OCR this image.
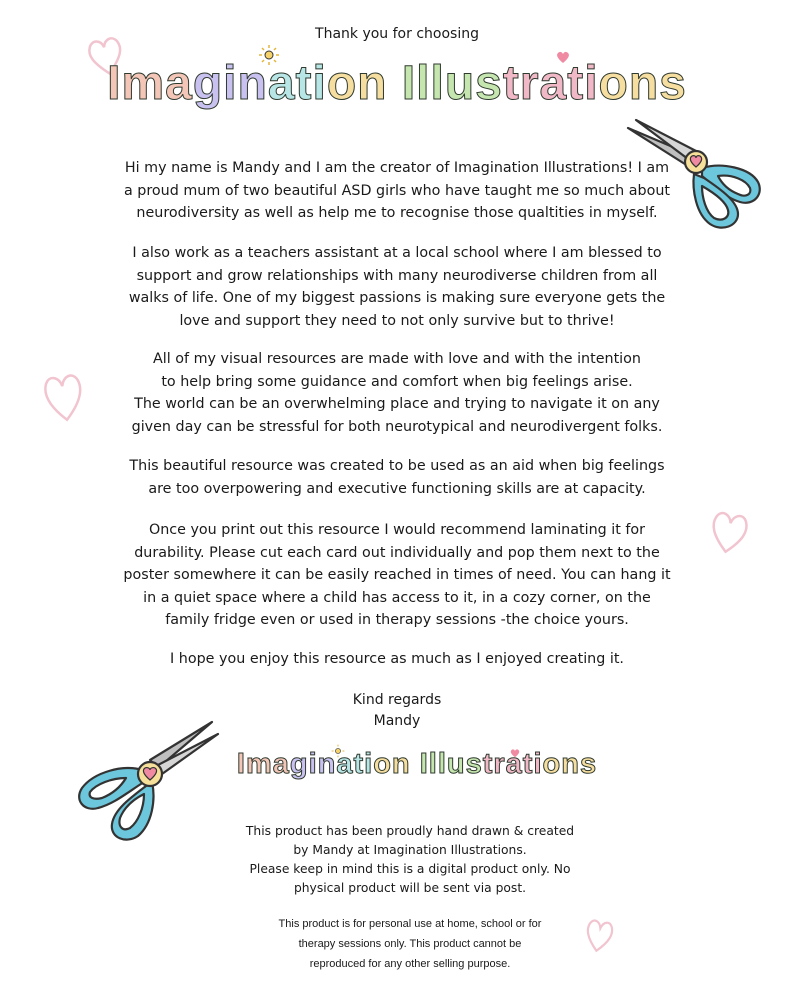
Thank you for choosing
Imagination Illustrations
Hi my name is Mandy and I am the creator of Imagination Illustrations! I am a proud mum of two beautiful ASD girls who have taught me so much about neurodiversity as well as help me to recognise those qualtities in myself.
I also work as a teachers assistant at a local school where I am blessed to support and grow relationships with many neurodiverse children from all walks of life. One of my biggest passions is making sure everyone gets the love and support they need to not only survive but to thrive!
All of my visual resources are made with love and with the intention to help bring some guidance and comfort when big feelings arise.
The world can be an overwhelming place and trying to navigate it on any given day can be stressful for both neurotypical and neurodivergent folks.
This beautiful resource was created to be used as an aid when big feelings are too overpowering and executive functioning skills are at capacity.
Once you print out this resource I would recommend laminating it for durability. Please cut each card out individually and pop them next to the poster somewhere it can be easily reached in times of need. You can hang it in a quiet space where a child has access to it, in a cozy corner, on the family fridge even or used in therapy sessions -the choice yours.
I hope you enjoy this resource as much as I enjoyed creating it.
Kind regards
Mandy
Imagination Illustrations
This product has been proudly hand drawn & created by Mandy at Imagination Illustrations.
Please keep in mind this is a digital product only. No physical product will be sent via post.
This product is for personal use at home, school or for therapy sessions only. This product cannot be reproduced for any other selling purpose.
